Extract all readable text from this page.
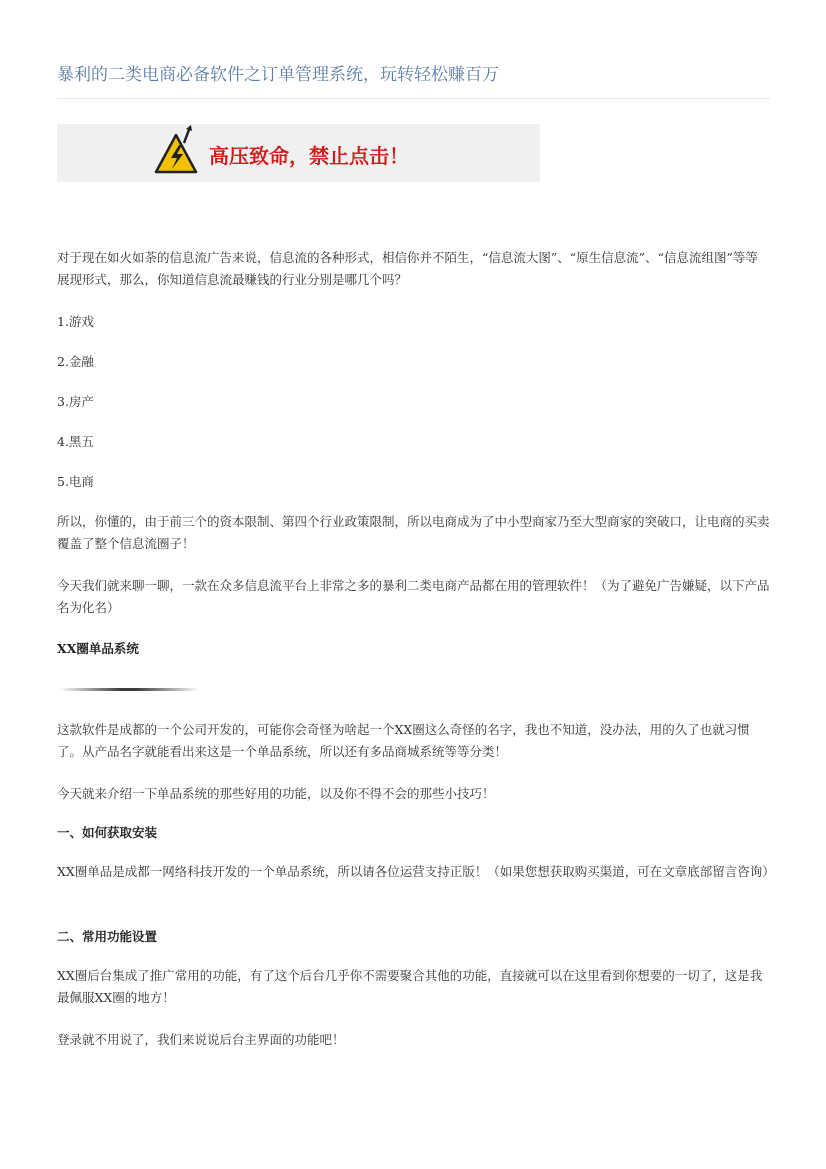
暴利的二类电商必备软件之订单管理系统，玩转轻松赚百万
高压致命，禁止点击！
对于现在如火如荼的信息流广告来说，信息流的各种形式，相信你并不陌生，“信息流大图”、“原生信息流”、“信息流组图”等等展现形式，那么，你知道信息流最赚钱的行业分别是哪几个吗？
1.游戏
2.金融
3.房产
4.黑五
5.电商
所以，你懂的，由于前三个的资本限制、第四个行业政策限制，所以电商成为了中小型商家乃至大型商家的突破口，让电商的买卖覆盖了整个信息流圈子！
今天我们就来聊一聊，一款在众多信息流平台上非常之多的暴利二类电商产品都在用的管理软件！（为了避免广告嫌疑，以下产品名为化名）
XX圈单品系统
这款软件是成都的一个公司开发的，可能你会奇怪为啥起一个XX圈这么奇怪的名字，我也不知道，没办法，用的久了也就习惯了。从产品名字就能看出来这是一个单品系统，所以还有多品商城系统等等分类！
今天就来介绍一下单品系统的那些好用的功能，以及你不得不会的那些小技巧！
一、如何获取安装
XX圈单品是成都一网络科技开发的一个单品系统，所以请各位运营支持正版！（如果您想获取购买渠道，可在文章底部留言咨询）
二、常用功能设置
XX圈后台集成了推广常用的功能，有了这个后台几乎你不需要聚合其他的功能，直接就可以在这里看到你想要的一切了，这是我最佩服XX圈的地方！
登录就不用说了，我们来说说后台主界面的功能吧！
